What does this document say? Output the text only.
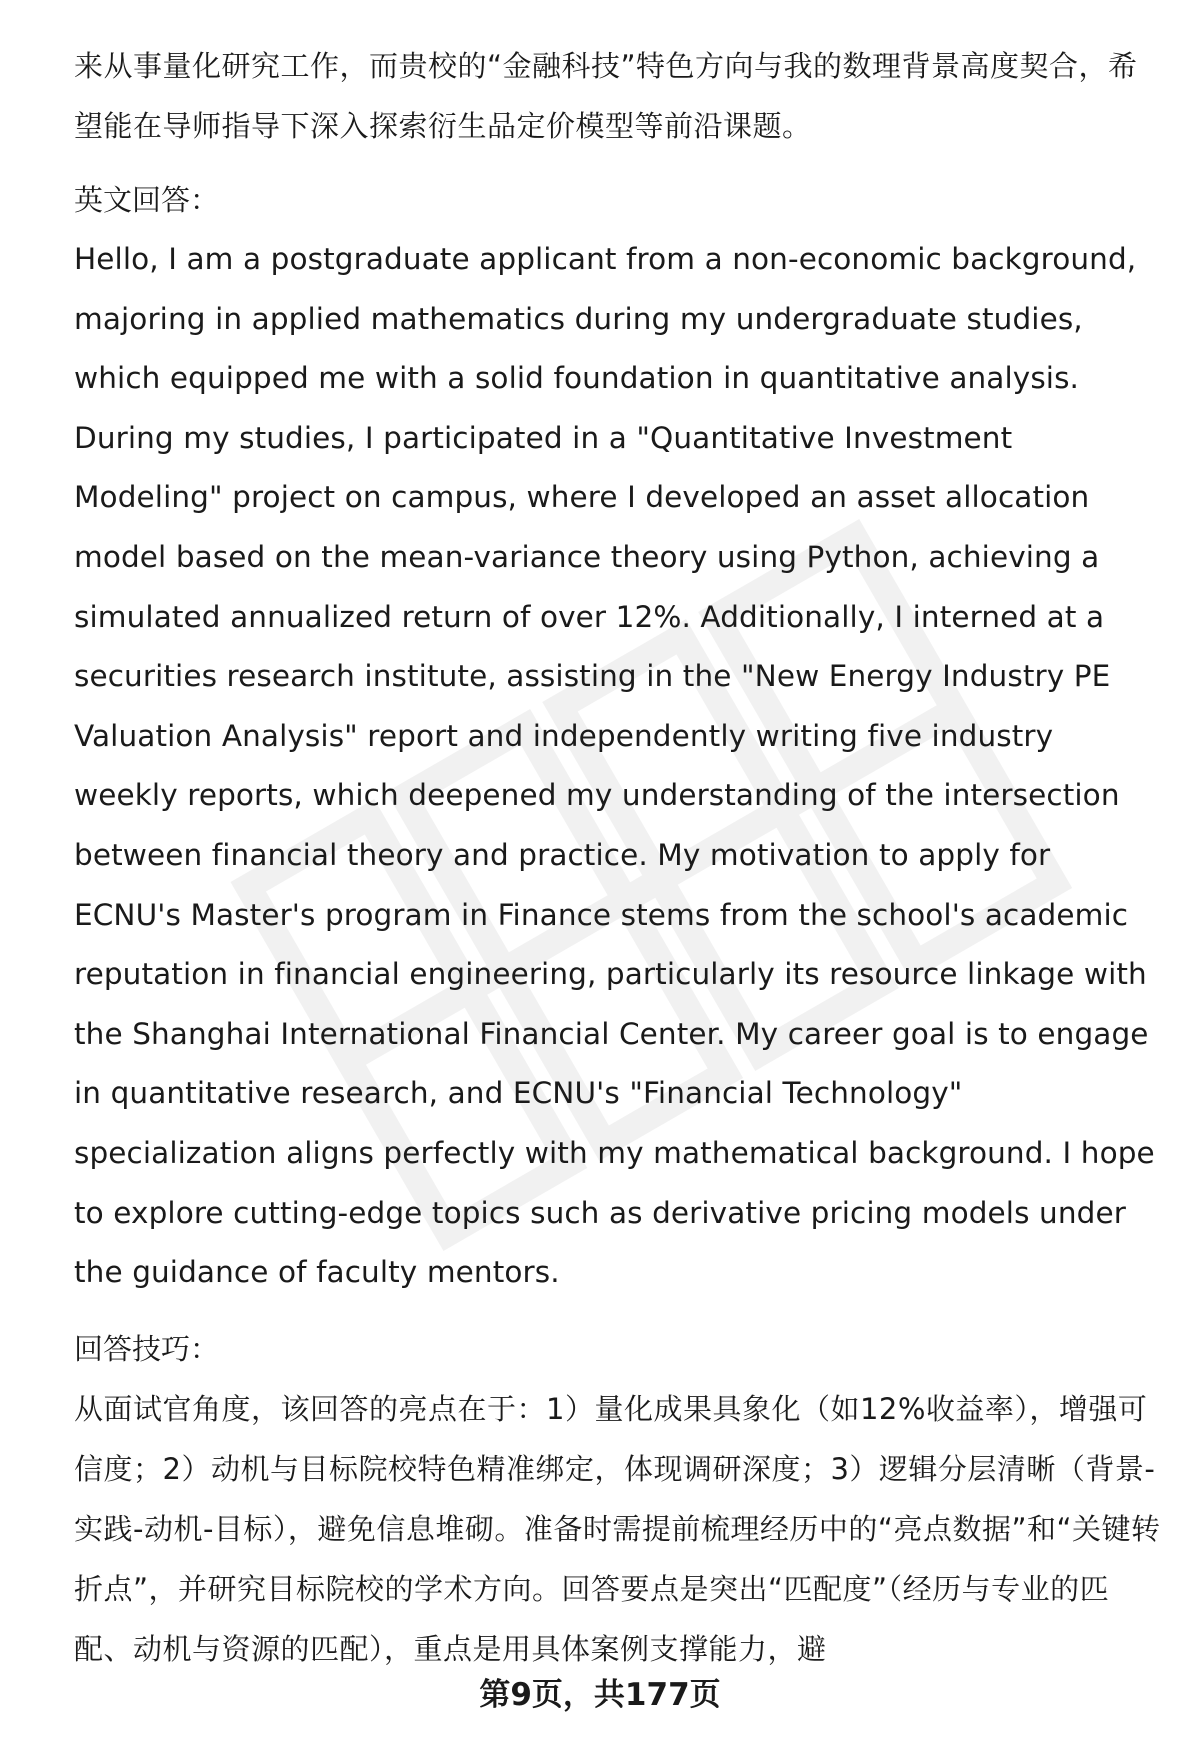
来从事量化研究工作，而贵校的“金融科技”特色方向与我的数理背景高度契合，希望能在导师指导下深入探索衍生品定价模型等前沿课题。

英文回答：

Hello, I am a postgraduate applicant from a non-economic background, majoring in applied mathematics during my undergraduate studies, which equipped me with a solid foundation in quantitative analysis. During my studies, I participated in a "Quantitative Investment Modeling" project on campus, where I developed an asset allocation model based on the mean-variance theory using Python, achieving a simulated annualized return of over 12%. Additionally, I interned at a securities research institute, assisting in the "New Energy Industry PE Valuation Analysis" report and independently writing five industry weekly reports, which deepened my understanding of the intersection between financial theory and practice. My motivation to apply for ECNU's Master's program in Finance stems from the school's academic reputation in financial engineering, particularly its resource linkage with the Shanghai International Financial Center. My career goal is to engage in quantitative research, and ECNU's "Financial Technology" specialization aligns perfectly with my mathematical background. I hope to explore cutting-edge topics such as derivative pricing models under the guidance of faculty mentors.

回答技巧：

从面试官角度，该回答的亮点在于：1）量化成果具象化（如12%收益率），增强可信度；2）动机与目标院校特色精准绑定，体现调研深度；3）逻辑分层清晰（背景-实践-动机-目标），避免信息堆砌。准备时需提前梳理经历中的“亮点数据”和“关键转折点”，并研究目标院校的学术方向。回答要点是突出“匹配度”（经历与专业的匹配、动机与资源的匹配），重点是用具体案例支撑能力，避

第9页，共177页
